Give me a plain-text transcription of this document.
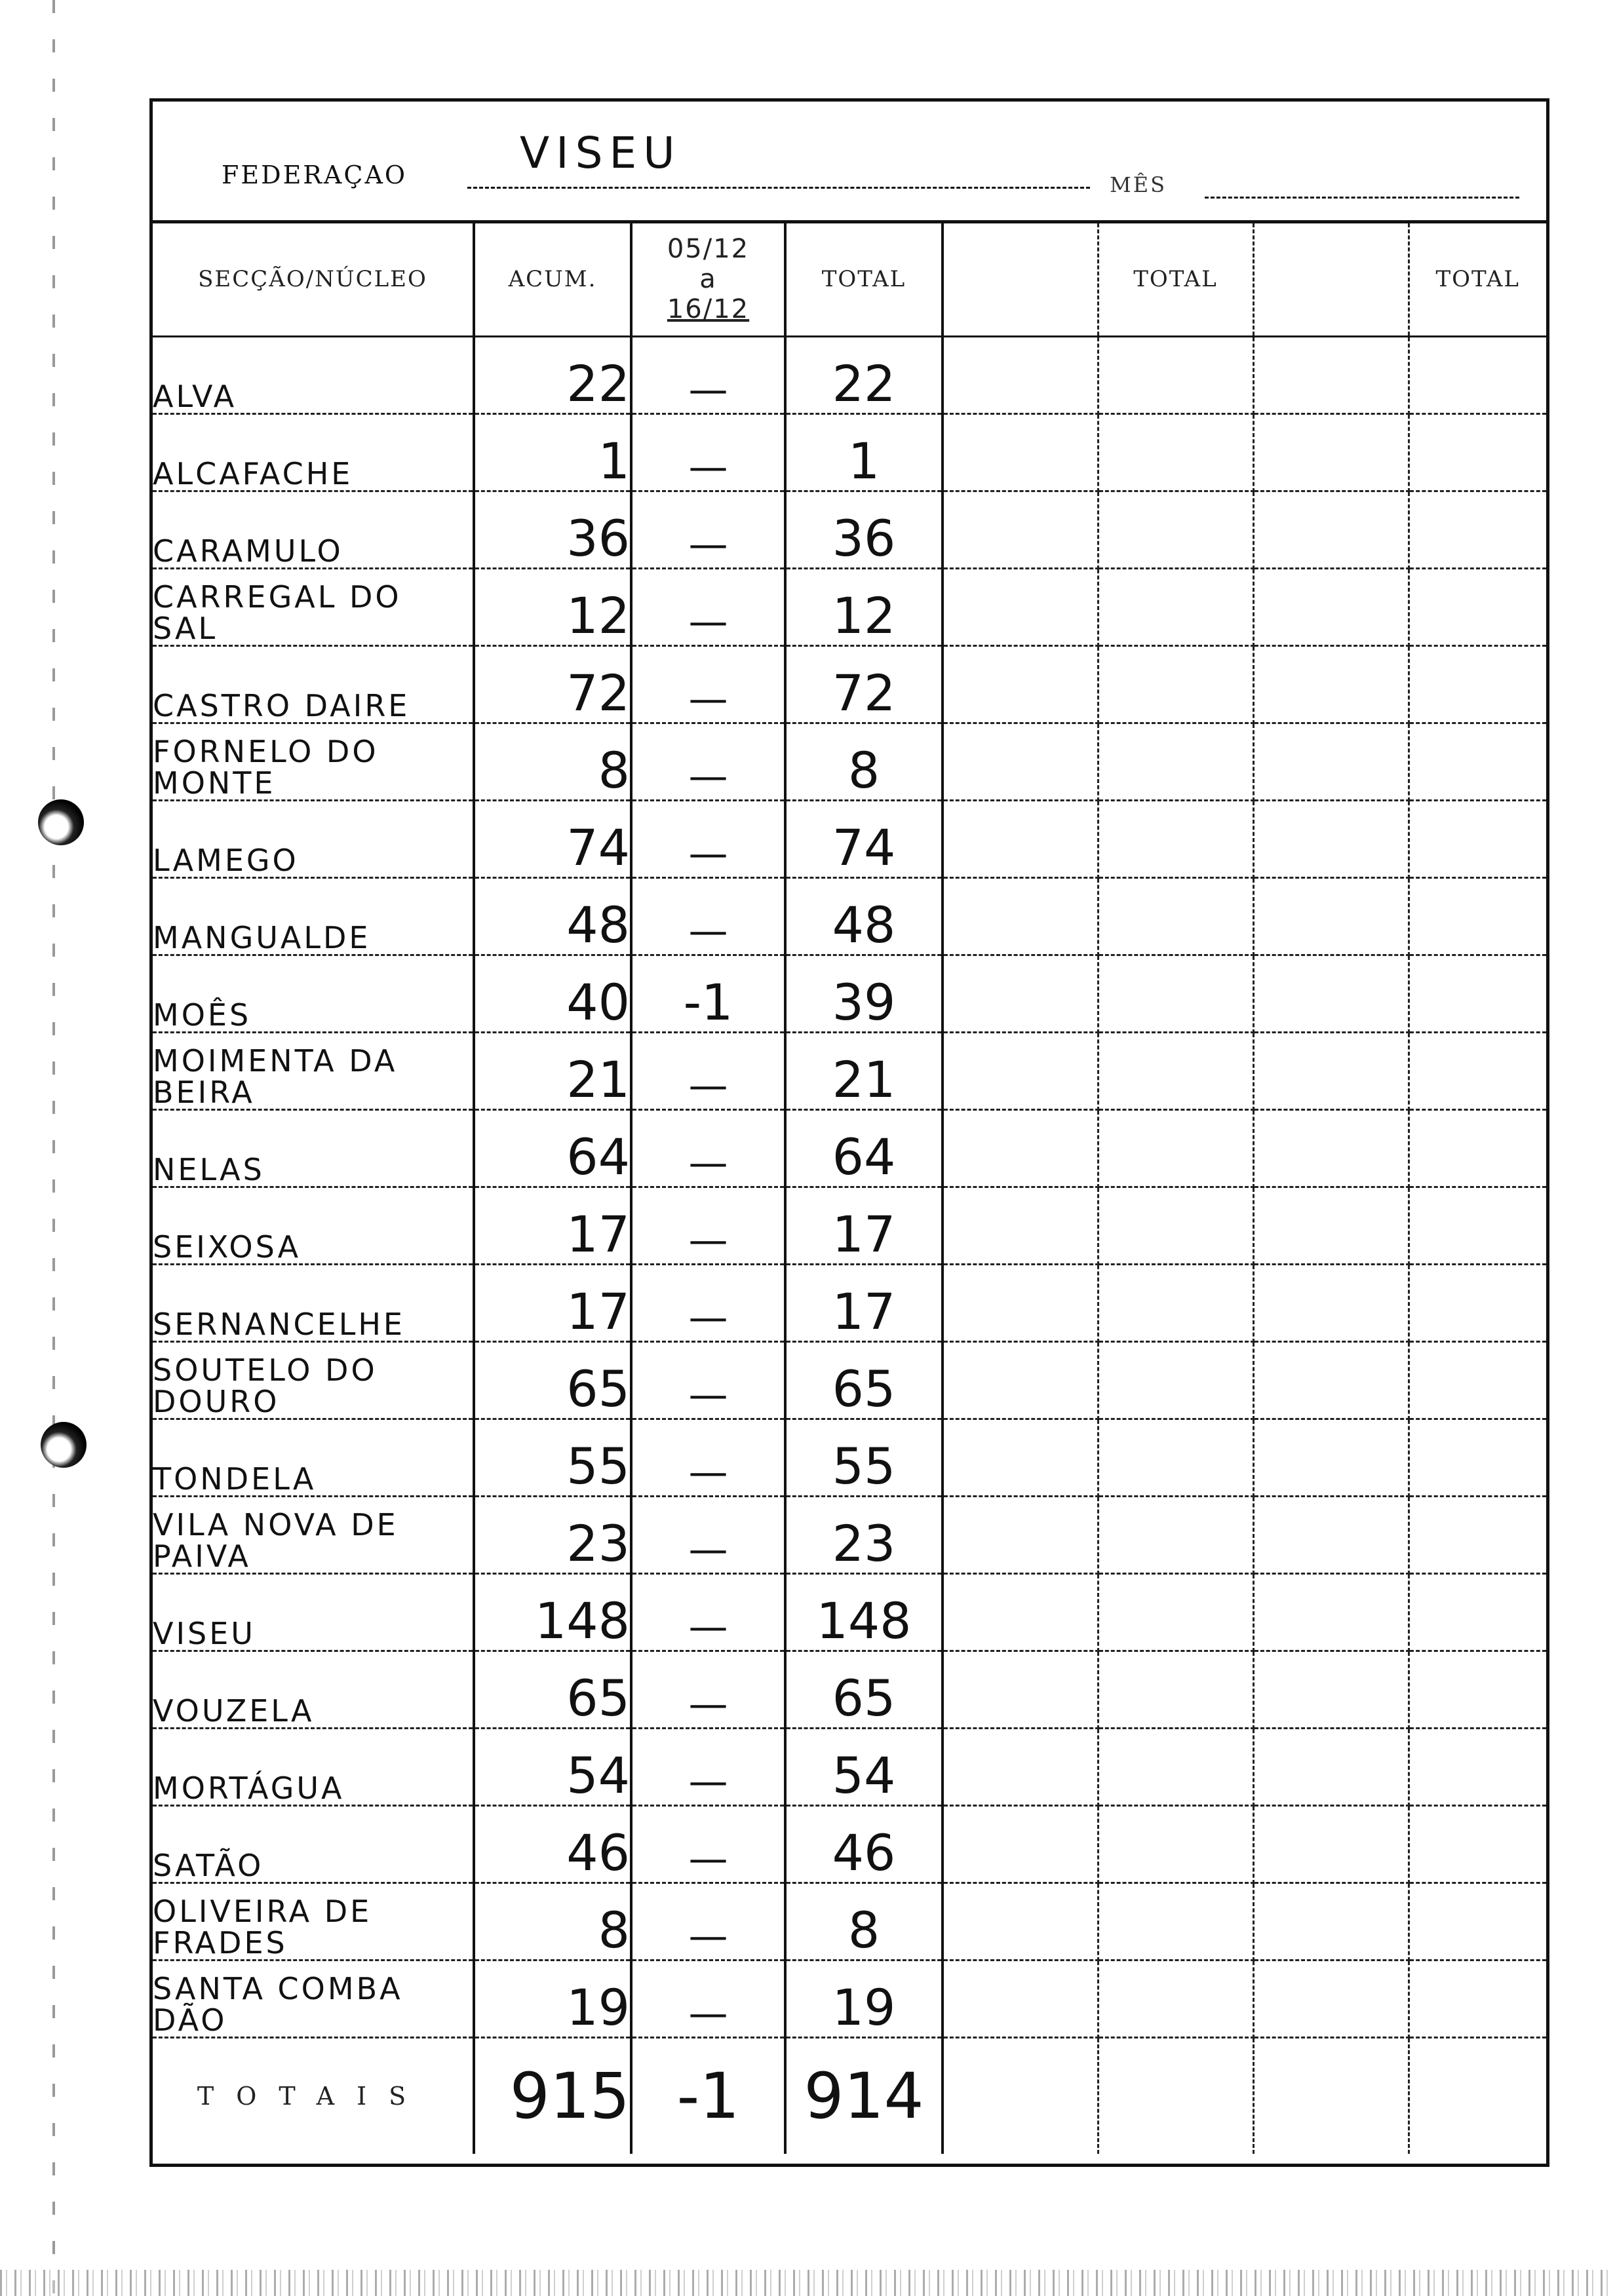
FEDERAÇAO	VISEU
MÊS
SECÇÃO/NÚCLEO	ACUM.	05/12
a
16/12	TOTAL		TOTAL		TOTAL
ALVA	22	—	22				
ALCAFACHE	1	—	1				
CARAMULO	36	—	36				
CARREGAL DO SAL	12	—	12				
CASTRO DAIRE	72	—	72				
FORNELO DO MONTE	8	—	8				
LAMEGO	74	—	74				
MANGUALDE	48	—	48				
MOÊS	40	-1	39				
MOIMENTA DA BEIRA	21	—	21				
NELAS	64	—	64				
SEIXOSA	17	—	17				
SERNANCELHE	17	—	17				
SOUTELO DO DOURO	65	—	65				
TONDELA	55	—	55				
VILA NOVA DE PAIVA	23	—	23				
VISEU	148	—	148				
VOUZELA	65	—	65				
MORTÁGUA	54	—	54				
SATÃO	46	—	46				
OLIVEIRA DE FRADES	8	—	8				
SANTA COMBA DÃO	19	—	19				
TOTAIS	915	-1	914				
